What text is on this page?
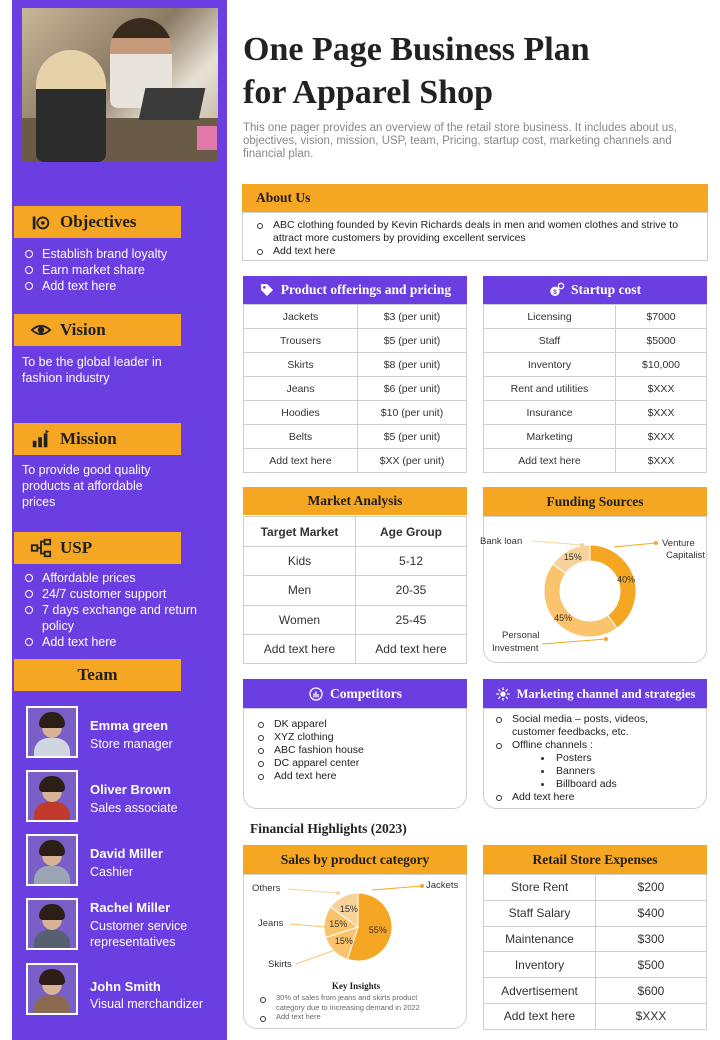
Objectives
Establish brand loyalty
Earn market share
Add text here
Vision
To be the global leader in fashion industry
Mission
To provide good quality products at affordable prices
USP
Affordable prices
24/7 customer support
7 days exchange and return policy
Add text here
Team
Emma green
Store manager
Oliver Brown
Sales associate
David Miller
Cashier
Rachel Miller
Customer service representatives
John Smith
Visual merchandizer
One Page Business Plan
for Apparel Shop
This one pager provides an overview of the retail store business. It includes about us, objectives, vision, mission, USP, team, Pricing, startup cost, marketing channels and financial plan.
About Us
ABC clothing founded by Kevin Richards deals in men and women clothes and strive to attract more customers by providing excellent services
Add text here
Product offerings and pricing
Jackets	$3 (per unit)
Trousers	$5 (per unit)
Skirts	$8 (per unit)
Jeans	$6 (per unit)
Hoodies	$10 (per unit)
Belts	$5 (per unit)
Add text here	$XX (per unit)
$ Startup cost
Licensing	$7000
Staff	$5000
Inventory	$10,000
Rent and utilities	$XXX
Insurance	$XXX
Marketing	$XXX
Add text here	$XXX
Market Analysis
Target Market	Age Group
Kids	5-12
Men	20-35
Women	25-45
Add text here	Add text here
Funding Sources
40%
45%
15%
Bank loan	Venture
Capitalist
Personal
Investment
Competitors
DK apparel
XYZ clothing
ABC fashion house
DC apparel center
Add text here
Marketing channel and strategies
Social media – posts, videos, customer feedbacks, etc.
Offline channels :
Posters
Banners
Billboard ads
Add text here
Financial Highlights (2023)
Sales by product category
55%
15%
15%
15%
Others	Jackets
Jeans
Skirts
Key Insights
30% of sales from jeans and skirts product category due to increasing demand in 2022
Add text here
Retail Store Expenses
Store Rent	$200
Staff Salary	$400
Maintenance	$300
Inventory	$500
Advertisement	$600
Add text here	$XXX
